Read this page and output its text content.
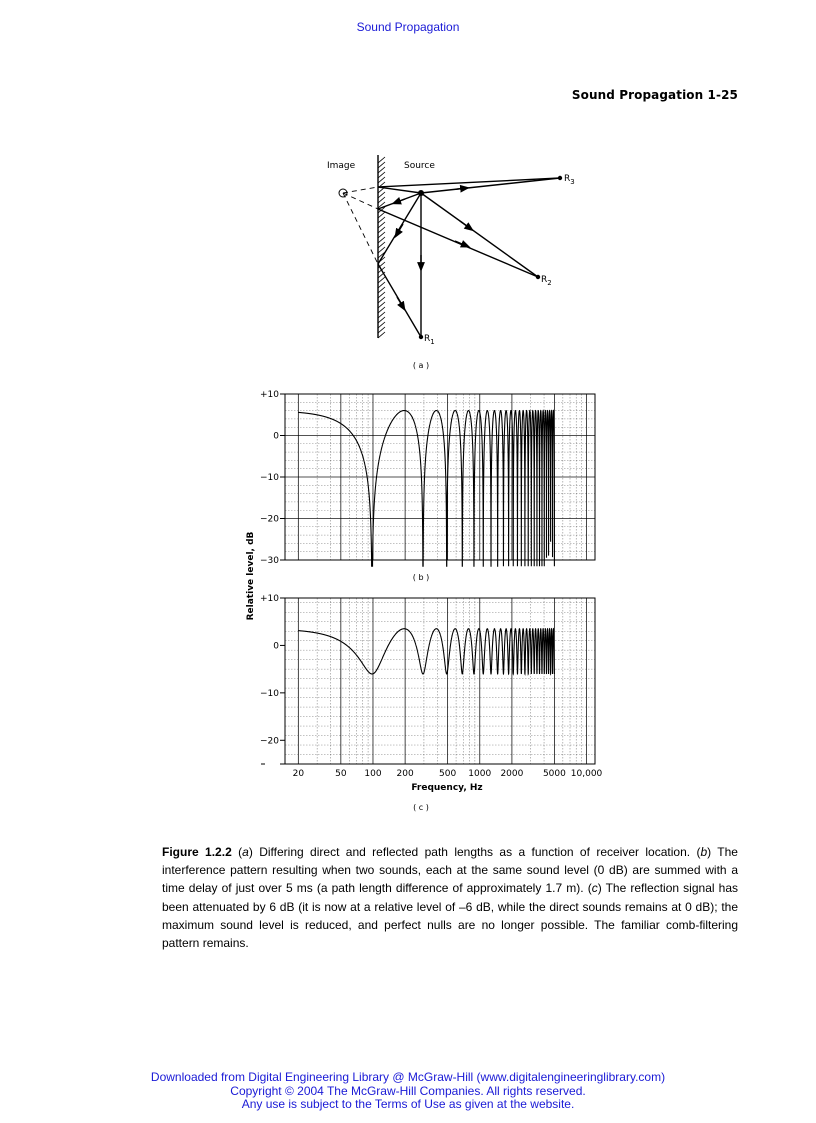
Sound Propagation
Sound Propagation 1-25
Image	Source
$R_3$
$R_2$
$R_1$
( a )
+10
0
−10
−20
−30
( b )
+10
0
−10
−20
20	50 100 200	500 1000 2000 5000 10,000
Relative level, dB
Frequency, Hz
( c )
Figure 1.2.2 (a) Differing direct and reflected path lengths as a function of receiver location. (b) The interference pattern resulting when two sounds, each at the same sound level (0 dB) are summed with a time delay of just over 5 ms (a path length difference of approximately 1.7 m). (c) The reflection signal has been attenuated by 6 dB (it is now at a relative level of –6 dB, while the direct sounds remains at 0 dB); the maximum sound level is reduced, and perfect nulls are no longer possible. The familiar comb-filtering pattern remains.
Downloaded from Digital Engineering Library @ McGraw-Hill (www.digitalengineeringlibrary.com)
Copyright © 2004 The McGraw-Hill Companies. All rights reserved.
Any use is subject to the Terms of Use as given at the website.
